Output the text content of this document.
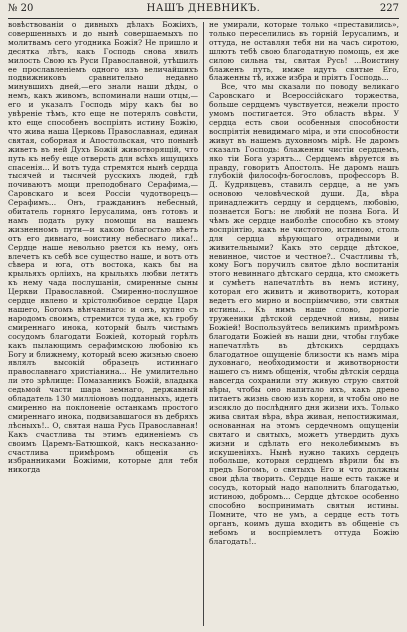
№ 20	НАШЪ ДНЕВНИКЪ.	227

вовѣствованiи о дивныхъ дѣлахъ Божiихъ, совершенныхъ и до нынѣ совершаемыхъ по молитвамъ сего угодника Божiя? Не пришло и десятка лѣтъ, какъ Господь снова явилъ милость Свою къ Руси Православной, утѣшилъ ее прославленiемъ одного изъ величайшихъ подвижниковъ сравнительно недавно минувшихъ дней,—его знали наши дѣды, о немъ, какъ живомъ, вспоминали наши отцы,—его и указалъ Господь мiру какъ бы во увѣренiе тѣмъ, кто еще не потерялъ совѣсти, кто еще способенъ воспрiять истину Божiю, что жива наша Церковь Православная, единая святая, соборная и Апостольская, что понынѣ живетъ въ ней Духъ Божiй животворящiй, что путь къ небу еще отверсть для всѣхъ ищущихъ спасенiя... И вотъ туда стремятся нынѣ сердца тысячей и тысячей русскихъ людей, гдѣ почиваютъ мощи преподобнаго Серафима,—Саровскаго и всея Россiи чудотворецъ—Серафимъ... Онъ, гражданинъ небесный, обитатель горняго Iерусалима, онъ готовъ и намъ подать руку помощи на нашемъ жизненномъ пути—и какою благостью вѣетъ отъ его дивнаго, воистину небеснаго лика!.. Сердце наше невольно рвется къ нему, онъ влечетъ къ себѣ все существо наше, и вотъ отъ сѣвера и юга, отъ востока, какъ бы на крыльяхъ орлiихъ, на крыльяхъ любви летятъ къ нему чада послушанiя, смиренные сыны Церкви Православной. Смиренно-послушное сердце явлено и хрiстолюбивое сердце Царя нашего, Богомъ вѣнчаннаго: и онъ, купно съ народомъ своимъ, стремится туда же, къ гробу смиреннаго инока, который былъ чистымъ сосудомъ благодати Божiей, который горѣлъ какъ пылающимъ серафимскою любовiю къ Богу и ближнему, который всею жизнью своею являлъ высокiй образецъ истиннаго православнаго христiанина... Не умилительно ли это зрѣлище: Помазанникъ Божiй, владыка седьмой части шара земнаго, державный обладатель 130 миллiоновъ подданныхъ, идетъ смиренно на поклоненiе останкамъ простого смиреннаго инока, подвизавшагося въ дебряхъ лѣсныхъ!.. О, святая наша Русь Православная! Какъ счастлива ты этимъ единенiемъ съ своимъ Царемъ-Батюшкой, какъ несказанно-счастлива примѣромъ общенiя съ избранниками Божiими, которые для тебя никогда

не умирали, которые только «преставились», только переселились въ горнiй Iерусалимъ, и оттуда, не оставляя тебя ни на часъ сиротою, шлютъ тебѣ свою благодатную помощь, ея же силою сильна ты, святая Русь! ...Воистину блаженъ путь, имже идутъ святые Его, блаженны тѣ, ихже избра и прiятъ Господь...

Все, что мы сказали по поводу великаго Саровскаго и Всероссiйскаго торжества, больше сердцемъ чувствуется, нежели просто умомъ постигается. Это область вѣры. У сердца есть свои особенныя способности воспрiятiя невидимаго мiра, и эти способности живут въ нашемъ духовномъ мiрѣ. Не даромъ сказалъ Господь: блаженни чистiи сердцемъ, яко тiи Бога узрятъ... Сердцемъ вѣруется въ правду, говоритъ Апостолъ. Не даромъ нашъ глубокiй философъ-богословъ, профессоръ В. Д. Кудрявцевъ, ставилъ сердце, а не умъ основою человѣческой души. Да, вѣра принадлежитъ сердцу и сердцемъ, любовiю, познается Богъ: не любяй не позна Бога. И чѣмъ же сердце наиболѣе способно къ этому воспрiятiю, какъ не чистотою, истиною, столь для сердца вѣрующаго отрадными и живительными? Какъ это сердце дѣтское, невинное, чистое и честное?.. Счастливы тѣ, кому Богъ поручилъ святое дѣло воспитанiя этого невиннаго дѣтскаго сердца, кто сможетъ и сумѣетъ напечатлѣть въ немъ истину, которая его живитъ и животворитъ, которая ведетъ его мирно и воспрiимчиво, эти святыя истины... Къ нимъ наше слово, дорогiе труженики дѣтской сердечной нивы, нивы Божiей! Воспользуйтесь великимъ примѣромъ благодати Божiей въ наши дни, чтобы глубже напечатлѣть въ дѣтскихъ сердцахъ благодатное ощущенiе близости къ намъ мiра духовнаго, необходимости и животворности нашего съ нимъ общенiя, чтобы дѣтскiя сердца навсегда сохранили эту живую струю святой вѣры, чтобы оно напитало ихъ, какъ древо питаетъ жизнь свою изъ корня, и чтобы оно не изсякло до послѣдняго дня жизни ихъ. Только жива святая вѣра, вѣра живая, непостижимая, основанная на этомъ сердечномъ ощущенiи святаго и святыхъ, можетъ утвердить духъ жизни и сдѣлать его неколебимымъ въ искушенiяхъ. Нынѣ нужно такихъ сердецъ побольше, которыя сердцемъ вѣрили бы въ предъ Богомъ, о святыхъ Его и что должны свои дѣла творить. Сердце наше есть также и сосудъ, который надо наполнить благодатью, истиною, добромъ... Сердце дѣтское особенно способно воспринимать святыя истины. Помните, что не умъ, а сердце есть тотъ органъ, коимъ душа входитъ въ общенiе съ небомъ и воспрiемлетъ оттуда Божiю благодать!..
